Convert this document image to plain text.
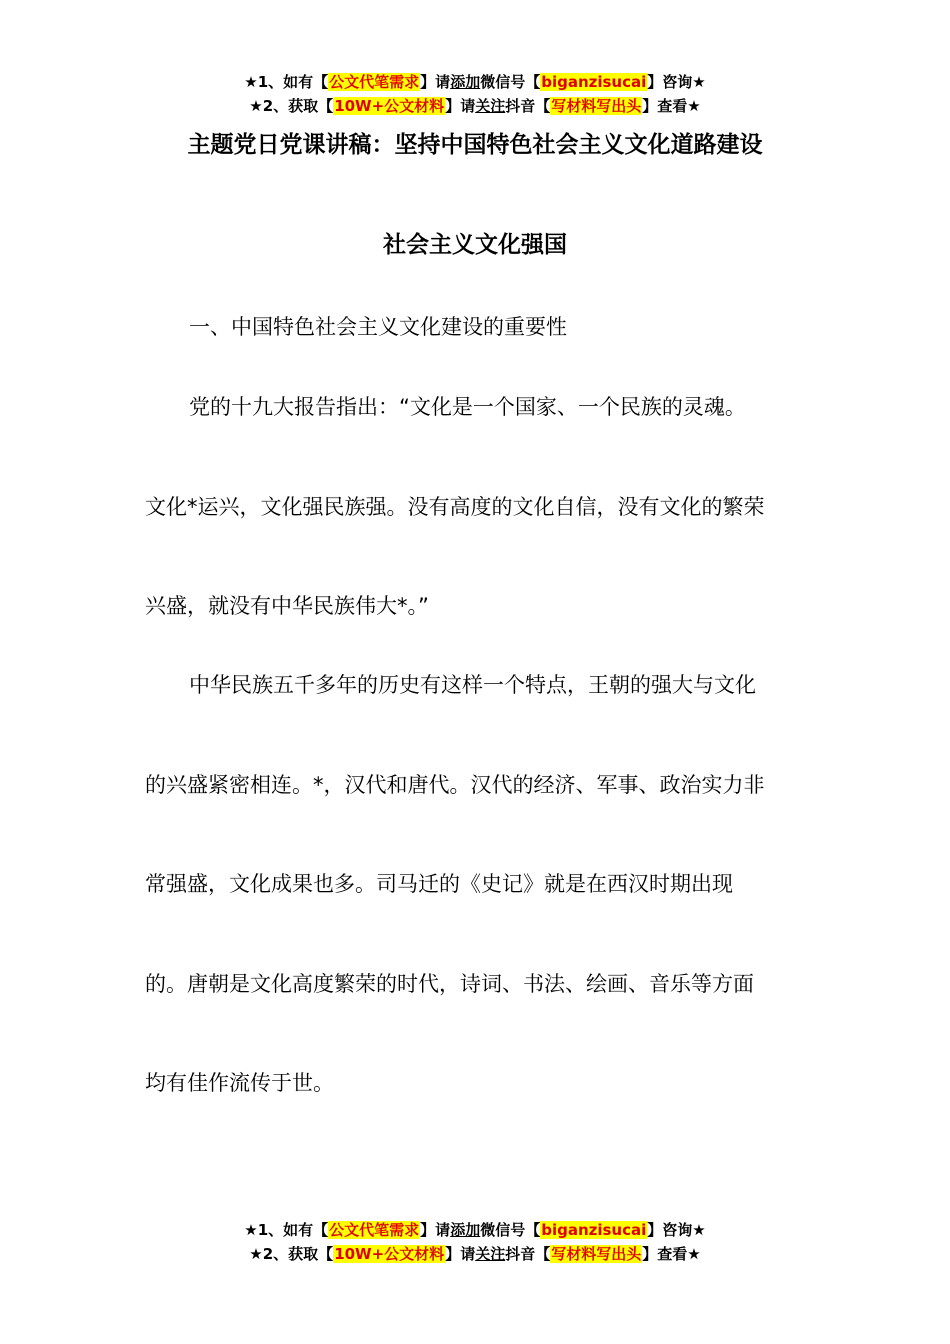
★1、如有【公文代笔需求】请添加微信号【biganzisucai】咨询★
★2、获取【10W+公文材料】请关注抖音【写材料写出头】查看★
主题党日党课讲稿：坚持中国特色社会主义文化道路建设
社会主义文化强国
一、中国特色社会主义文化建设的重要性
党的十九大报告指出：“文化是一个国家、一个民族的灵魂。
文化*运兴，文化强民族强。没有高度的文化自信，没有文化的繁荣
兴盛，就没有中华民族伟大*。”
中华民族五千多年的历史有这样一个特点，王朝的强大与文化
的兴盛紧密相连。*，汉代和唐代。汉代的经济、军事、政治实力非
常强盛，文化成果也多。司马迁的《史记》就是在西汉时期出现
的。唐朝是文化高度繁荣的时代，诗词、书法、绘画、音乐等方面
均有佳作流传于世。
★1、如有【公文代笔需求】请添加微信号【biganzisucai】咨询★
★2、获取【10W+公文材料】请关注抖音【写材料写出头】查看★
